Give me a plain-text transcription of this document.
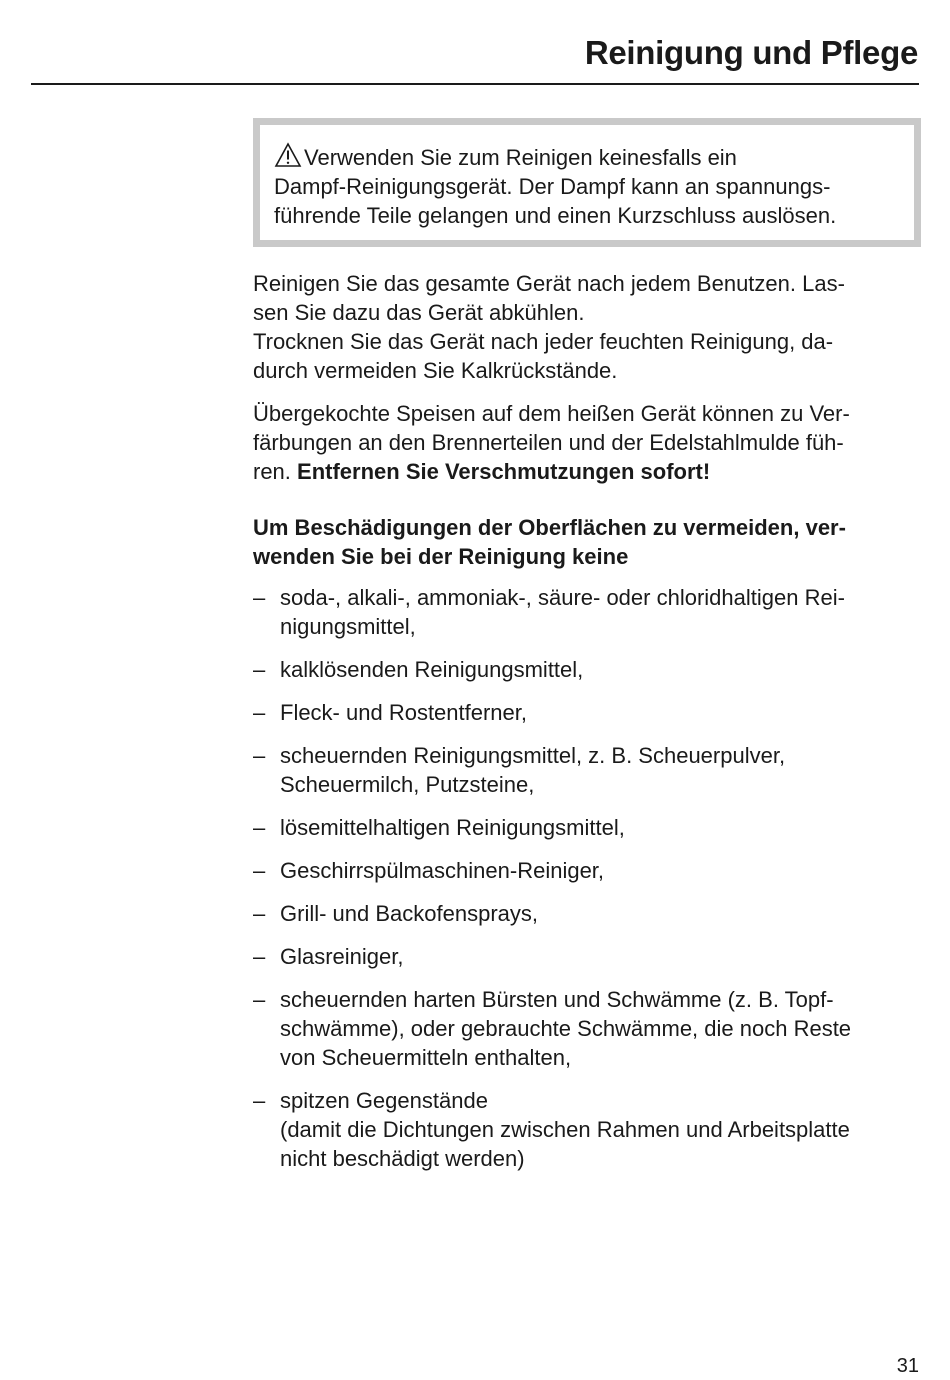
Reinigung und Pflege
Verwenden Sie zum Reinigen keinesfalls ein
Dampf-Reinigungsgerät. Der Dampf kann an spannungs-
führende Teile gelangen und einen Kurzschluss auslösen.
Reinigen Sie das gesamte Gerät nach jedem Benutzen. Las-
sen Sie dazu das Gerät abkühlen.
Trocknen Sie das Gerät nach jeder feuchten Reinigung, da-
durch vermeiden Sie Kalkrückstände.
Übergekochte Speisen auf dem heißen Gerät können zu Ver-
färbungen an den Brennerteilen und der Edelstahlmulde füh-
ren. Entfernen Sie Verschmutzungen sofort!
Um Beschädigungen der Oberflächen zu vermeiden, ver-
wenden Sie bei der Reinigung keine
– soda-, alkali-, ammoniak-, säure- oder chloridhaltigen Rei-
nigungsmittel,
– kalklösenden Reinigungsmittel,
– Fleck- und Rostentferner,
– scheuernden Reinigungsmittel, z. B. Scheuerpulver,
Scheuermilch, Putzsteine,
– lösemittelhaltigen Reinigungsmittel,
– Geschirrspülmaschinen-Reiniger,
– Grill- und Backofensprays,
– Glasreiniger,
– scheuernden harten Bürsten und Schwämme (z. B. Topf-
schwämme), oder gebrauchte Schwämme, die noch Reste
von Scheuermitteln enthalten,
– spitzen Gegenstände
(damit die Dichtungen zwischen Rahmen und Arbeitsplatte
nicht beschädigt werden)
31
